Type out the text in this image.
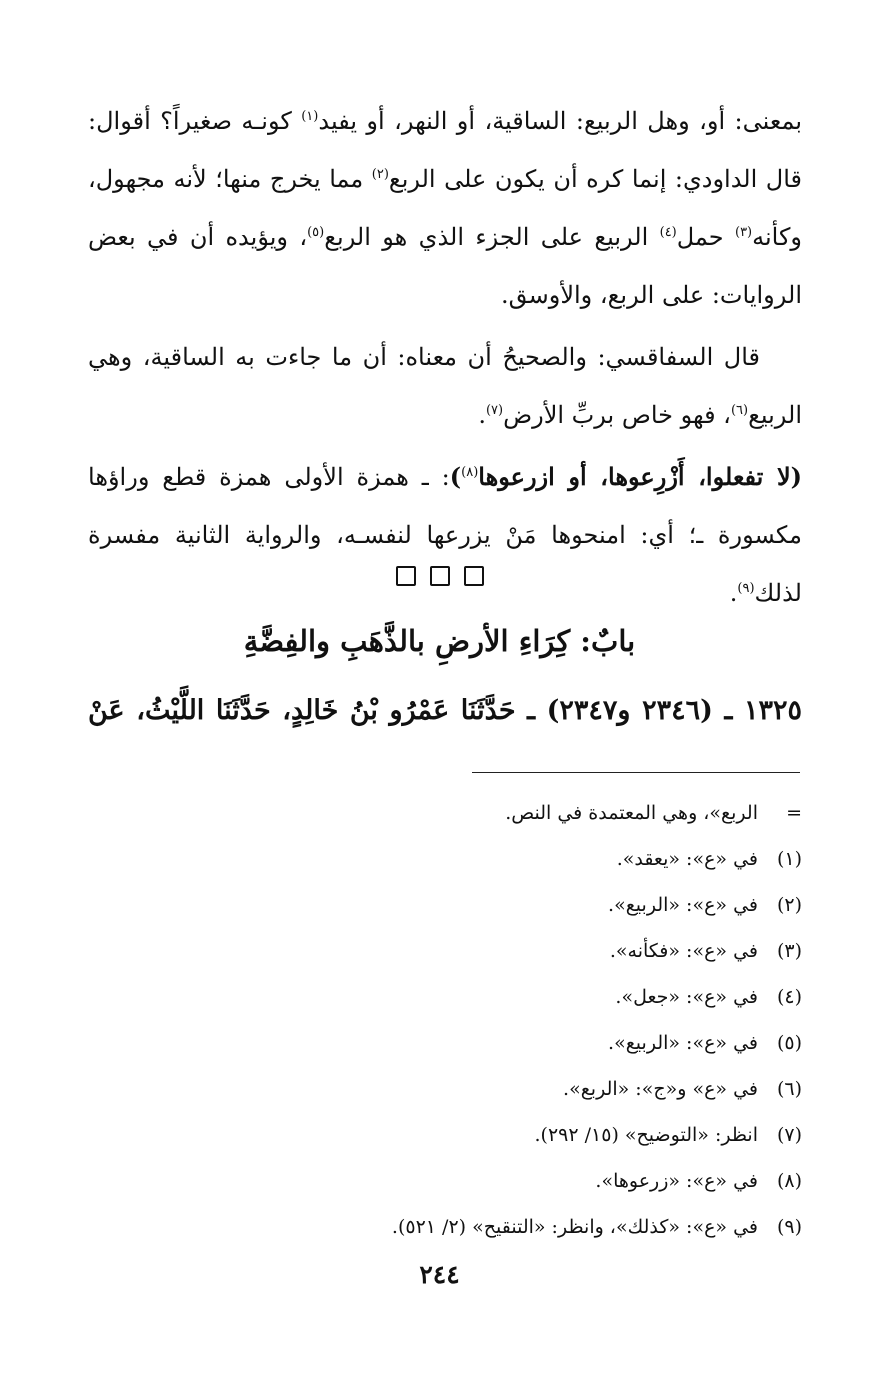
بمعنى: أو، وهل الربيع: الساقية، أو النهر، أو يفيد$^{(١)}$ كونـه صغيراً؟ أقوال: قال الداودي: إنما كره أن يكون على الربع$^{(٢)}$ مما يخرج منها؛ لأنه مجهول، وكأنه$^{(٣)}$ حمل$^{(٤)}$ الربيع على الجزء الذي هو الربع$^{(٥)}$، ويؤيده أن في بعض الروايات: على الربع، والأوسق.

قال السفاقسي: والصحيحُ أن معناه: أن ما جاءت به الساقية، وهي الربيع$^{(٦)}$، فهو خاص بربِّ الأرض$^{(٧)}$.

(لا تفعلوا، أَزْرِعوها، أو ازرعوها$^{(٨)}$): ـ همزة الأولى همزة قطع وراؤها مكسورة ـ؛ أي: امنحوها مَنْ يزرعها لنفسـه، والرواية الثانية مفسرة لذلك$^{(٩)}$.

بابٌ: كِرَاءِ الأرضِ بالذَّهَبِ والفِضَّةِ
١٣٢٥ ـ (٢٣٤٦ و٢٣٤٧) ـ حَدَّثَنَا عَمْرُو بْنُ خَالِدٍ، حَدَّثَنَا اللَّيْثُ، عَنْ
=الربع»، وهي المعتمدة في النص.
(١)في «ع»: «يعقد».
(٢)في «ع»: «الربيع».
(٣)في «ع»: «فكأنه».
(٤)في «ع»: «جعل».
(٥)في «ع»: «الربيع».
(٦)في «ع» و«ج»: «الربع».
(٧)انظر: «التوضيح» (١٥/ ٢٩٢).
(٨)في «ع»: «زرعوها».
(٩)في «ع»: «كذلك»، وانظر: «التنقيح» (٢/ ٥٢١).
٢٤٤
